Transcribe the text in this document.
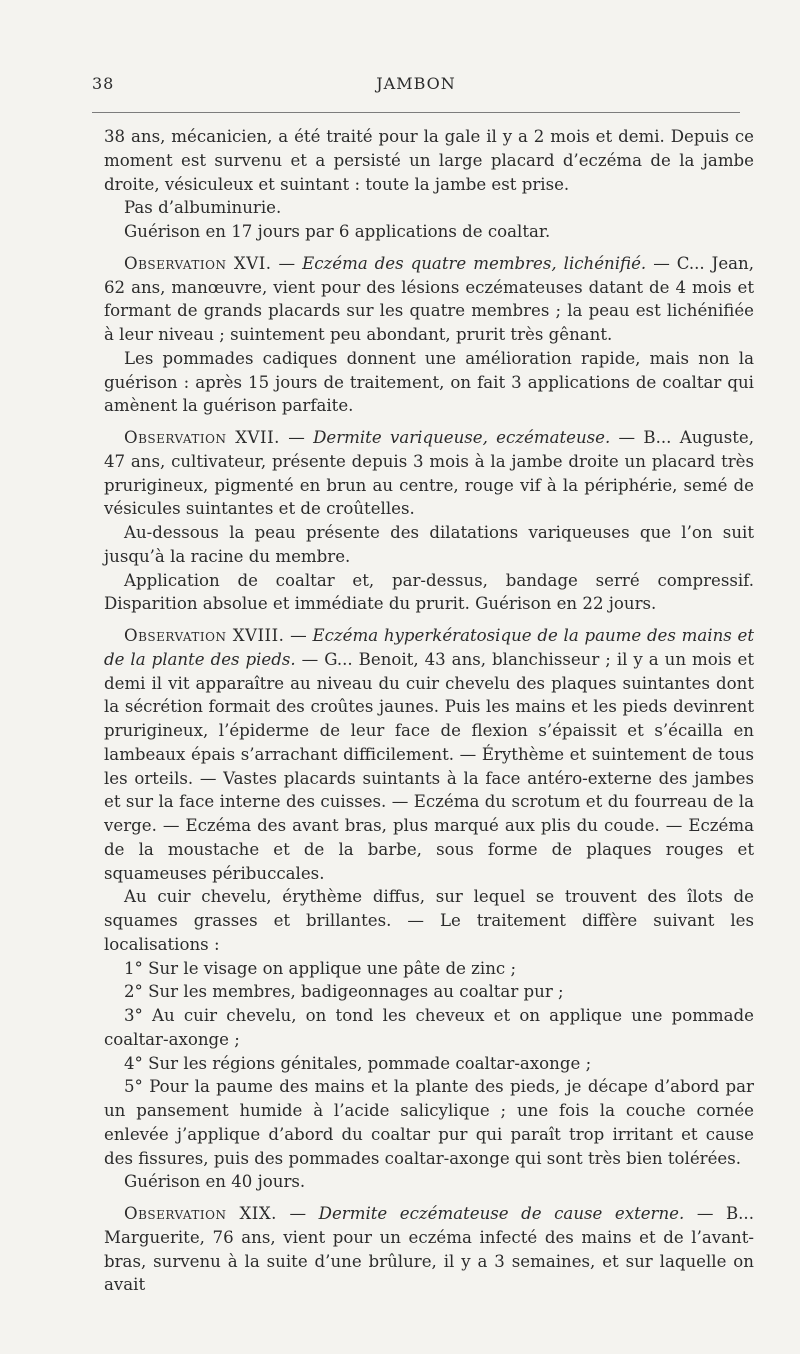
38	JAMBON

38 ans, mécanicien, a été traité pour la gale il y a 2 mois et demi. Depuis ce moment est survenu et a persisté un large placard d’eczéma de la jambe droite, vésiculeux et suintant : toute la jambe est prise.

Pas d’albuminurie.

Guérison en 17 jours par 6 applications de coaltar.

Observation XVI. — Eczéma des quatre membres, lichénifié. — C... Jean, 62 ans, manœuvre, vient pour des lésions eczémateuses datant de 4 mois et formant de grands placards sur les quatre membres ; la peau est lichénifiée à leur niveau ; suintement peu abondant, prurit très gênant.

Les pommades cadiques donnent une amélioration rapide, mais non la guérison : après 15 jours de traitement, on fait 3 applications de coaltar qui amènent la guérison parfaite.

Observation XVII. — Dermite variqueuse, eczémateuse. — B... Auguste, 47 ans, cultivateur, présente depuis 3 mois à la jambe droite un placard très prurigineux, pigmenté en brun au centre, rouge vif à la périphérie, semé de vésicules suintantes et de croûtelles.

Au-dessous la peau présente des dilatations variqueuses que l’on suit jusqu’à la racine du membre.

Application de coaltar et, par-dessus, bandage serré compressif. Disparition absolue et immédiate du prurit. Guérison en 22 jours.

Observation XVIII. — Eczéma hyperkératosique de la paume des mains et de la plante des pieds. — G... Benoit, 43 ans, blanchisseur ; il y a un mois et demi il vit apparaître au niveau du cuir chevelu des plaques suintantes dont la sécrétion formait des croûtes jaunes. Puis les mains et les pieds devinrent prurigineux, l’épiderme de leur face de flexion s’épaissit et s’écailla en lambeaux épais s’arrachant difficilement. — Érythème et suintement de tous les orteils. — Vastes placards suintants à la face antéro-externe des jambes et sur la face interne des cuisses. — Eczéma du scrotum et du fourreau de la verge. — Eczéma des avant bras, plus marqué aux plis du coude. — Eczéma de la moustache et de la barbe, sous forme de plaques rouges et squameuses péribuccales.

Au cuir chevelu, érythème diffus, sur lequel se trouvent des îlots de squames grasses et brillantes. — Le traitement diffère suivant les localisations :

1° Sur le visage on applique une pâte de zinc ;

2° Sur les membres, badigeonnages au coaltar pur ;

3° Au cuir chevelu, on tond les cheveux et on applique une pommade coaltar-axonge ;

4° Sur les régions génitales, pommade coaltar-axonge ;

5° Pour la paume des mains et la plante des pieds, je décape d’abord par un pansement humide à l’acide salicylique ; une fois la couche cornée enlevée j’applique d’abord du coaltar pur qui paraît trop irritant et cause des fissures, puis des pommades coaltar-axonge qui sont très bien tolérées.

Guérison en 40 jours.

Observation XIX. — Dermite eczémateuse de cause externe. — B... Marguerite, 76 ans, vient pour un eczéma infecté des mains et de l’avant-bras, survenu à la suite d’une brûlure, il y a 3 semaines, et sur laquelle on avait
